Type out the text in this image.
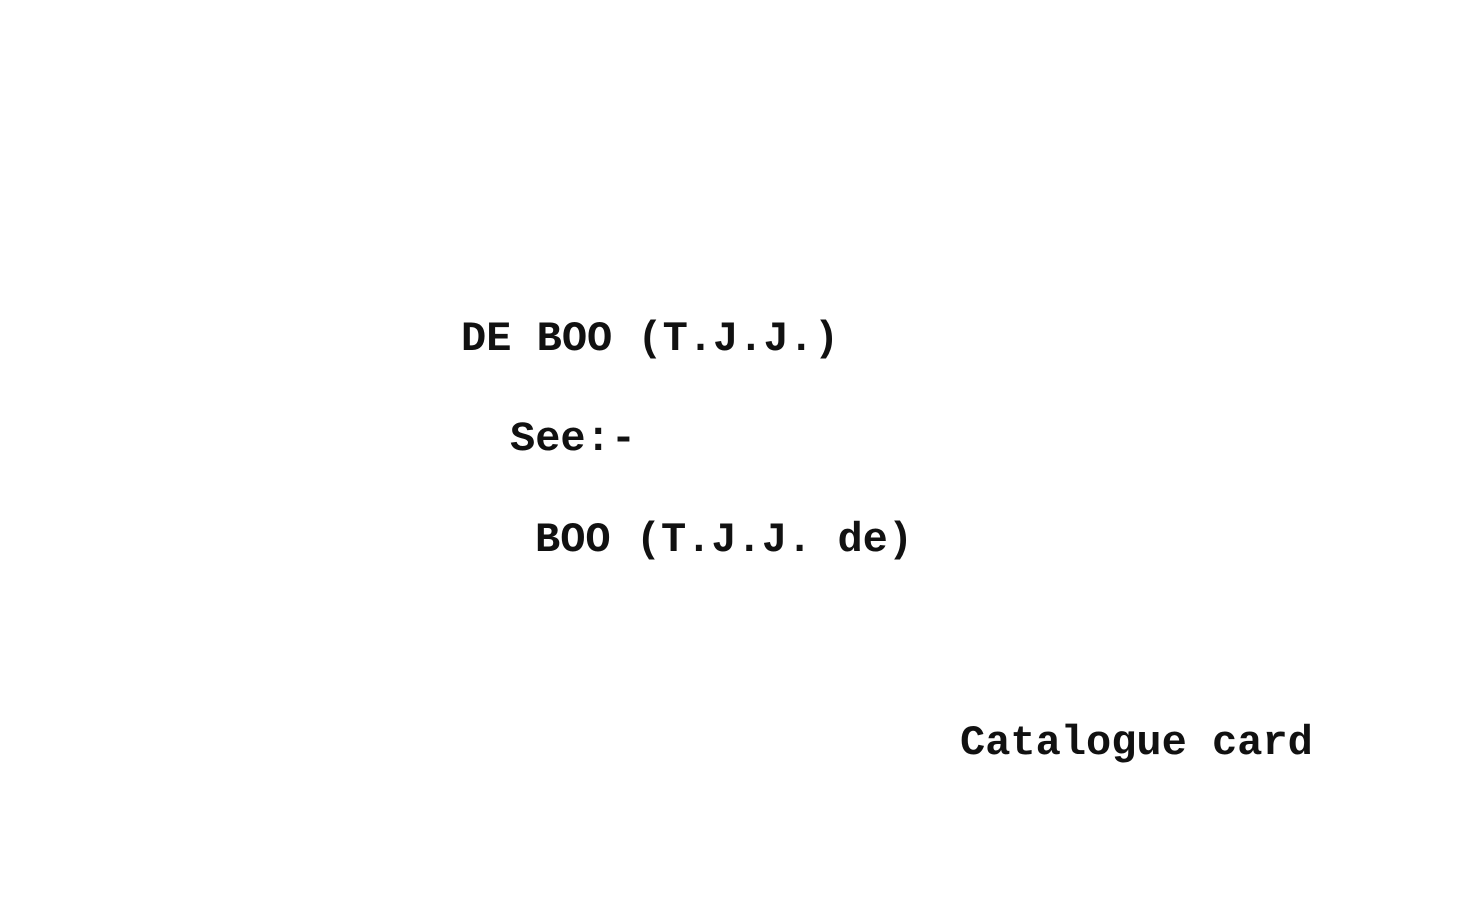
DE BOO (T.J.J.)

See:-

BOO (T.J.J. de)

Catalogue card
